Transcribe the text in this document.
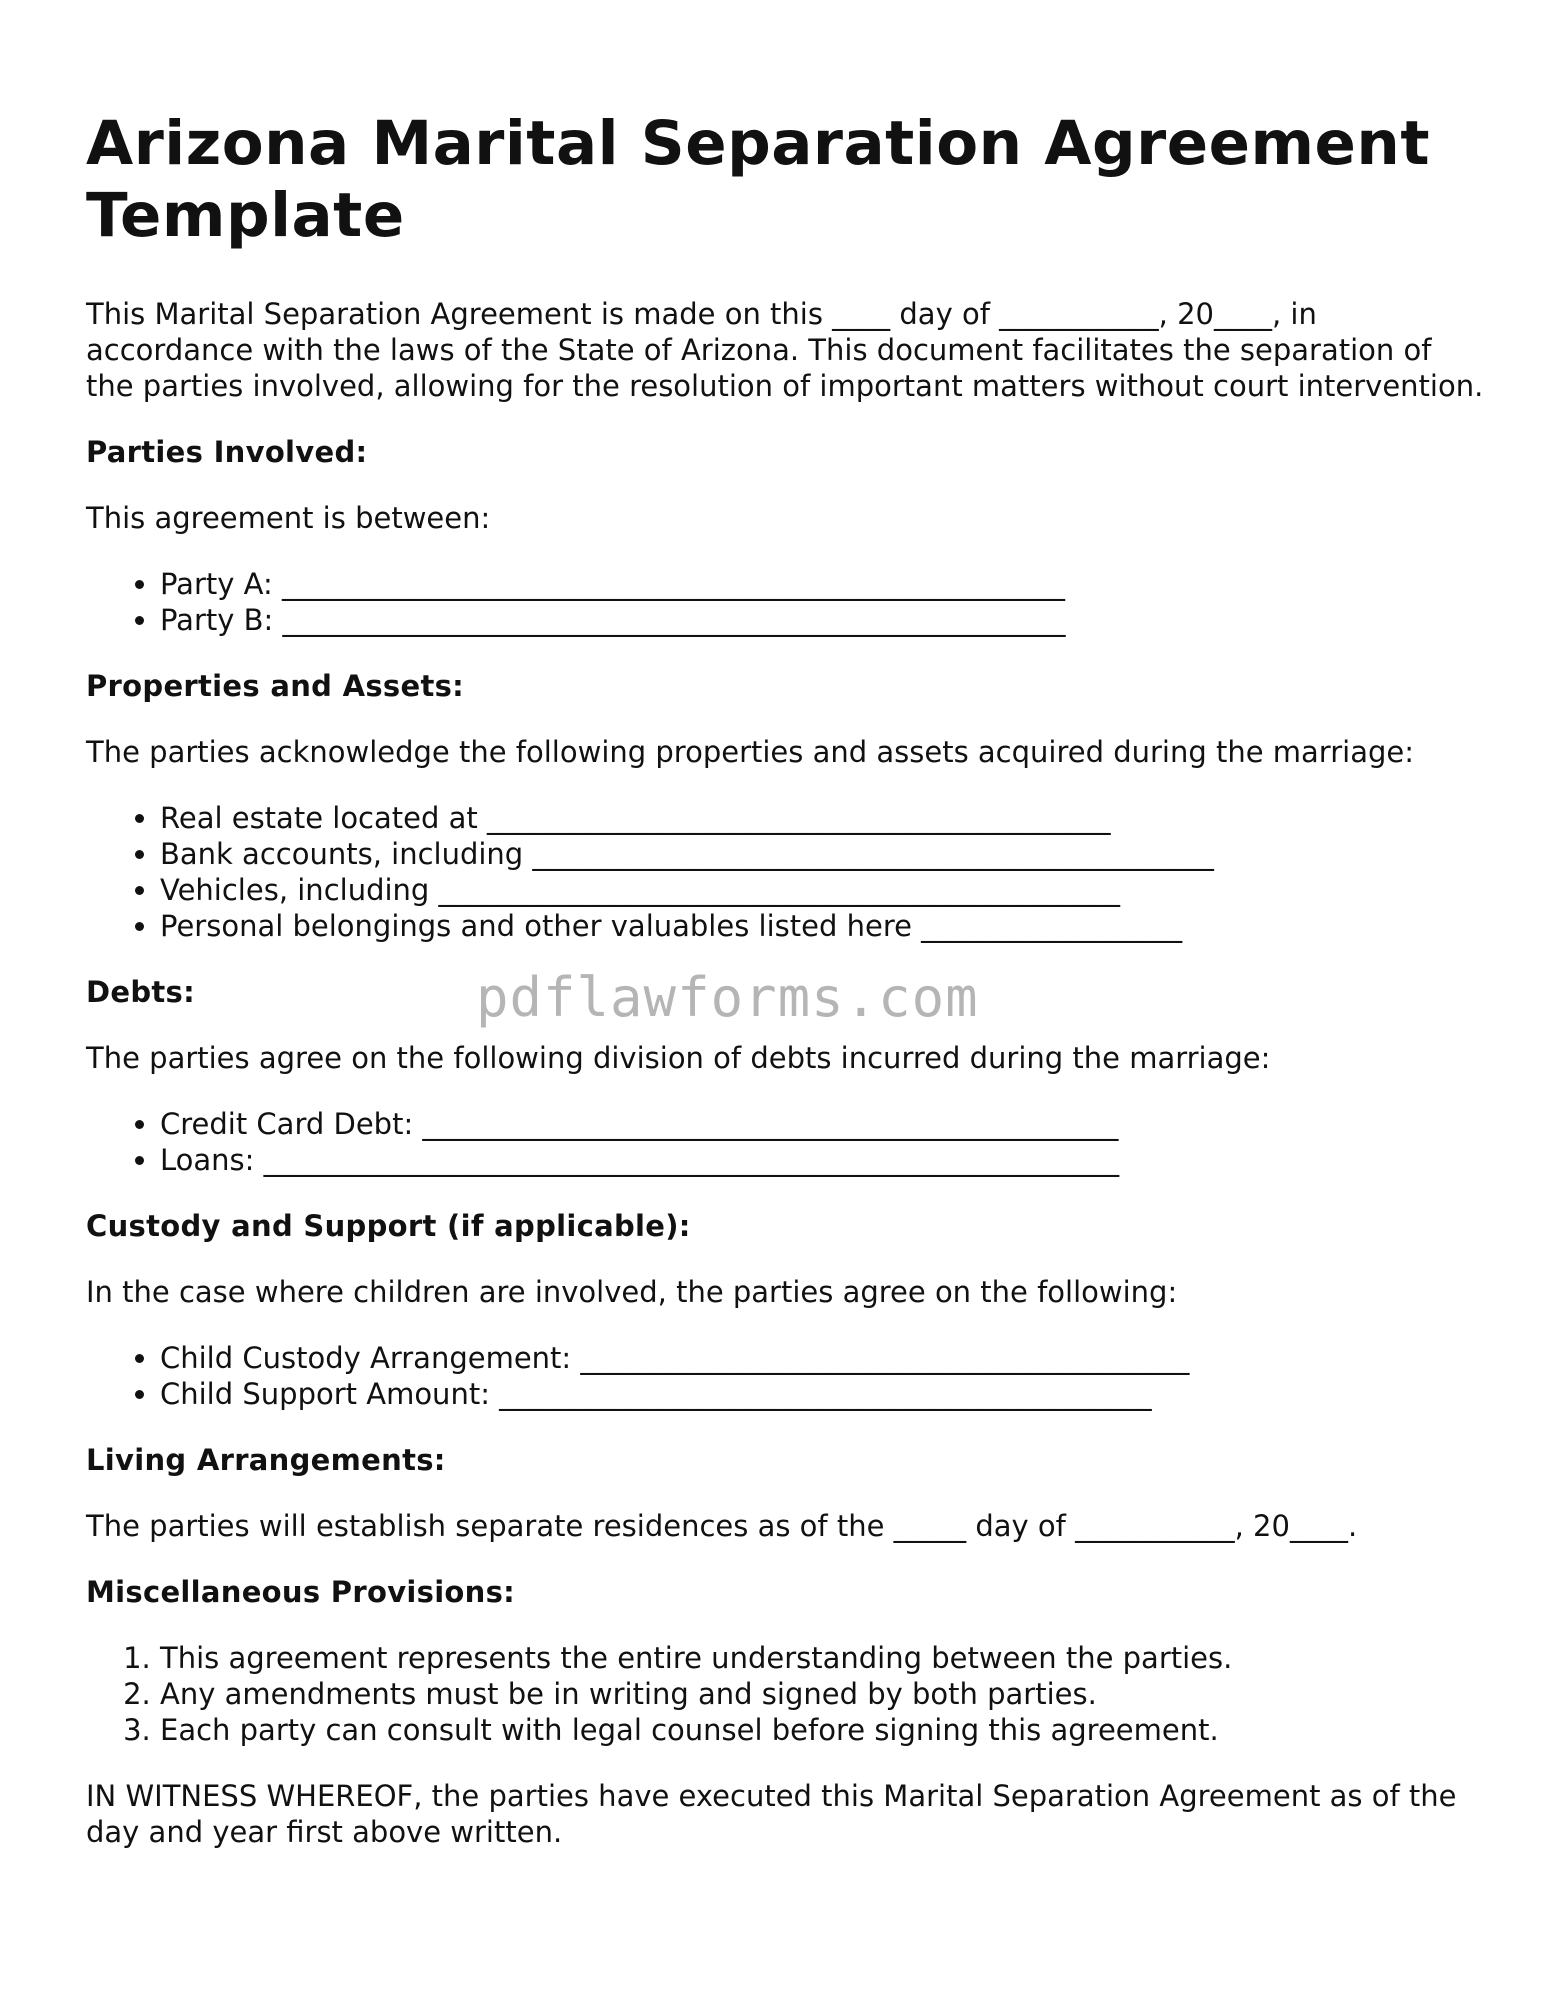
Arizona Marital Separation Agreement Template

This Marital Separation Agreement is made on this ____ day of ___________, 20____, in accordance with the laws of the State of Arizona. This document facilitates the separation of the parties involved, allowing for the resolution of important matters without court intervention.

Parties Involved:

This agreement is between:

• Party A: ______________________________________________________
• Party B: ______________________________________________________
Properties and Assets:

The parties acknowledge the following properties and assets acquired during the marriage:

• Real estate located at ___________________________________________
• Bank accounts, including _______________________________________________
• Vehicles, including _______________________________________________
• Personal belongings and other valuables listed here __________________
Debts:

The parties agree on the following division of debts incurred during the marriage:

• Credit Card Debt: ________________________________________________
• Loans: ___________________________________________________________
Custody and Support (if applicable):

In the case where children are involved, the parties agree on the following:

• Child Custody Arrangement: __________________________________________
• Child Support Amount: _____________________________________________
Living Arrangements:

The parties will establish separate residences as of the _____ day of ___________, 20____.

Miscellaneous Provisions:
1. This agreement represents the entire understanding between the parties.
2. Any amendments must be in writing and signed by both parties.
3. Each party can consult with legal counsel before signing this agreement.

IN WITNESS WHEREOF, the parties have executed this Marital Separation Agreement as of the day and year first above written.

pdflawforms.com
